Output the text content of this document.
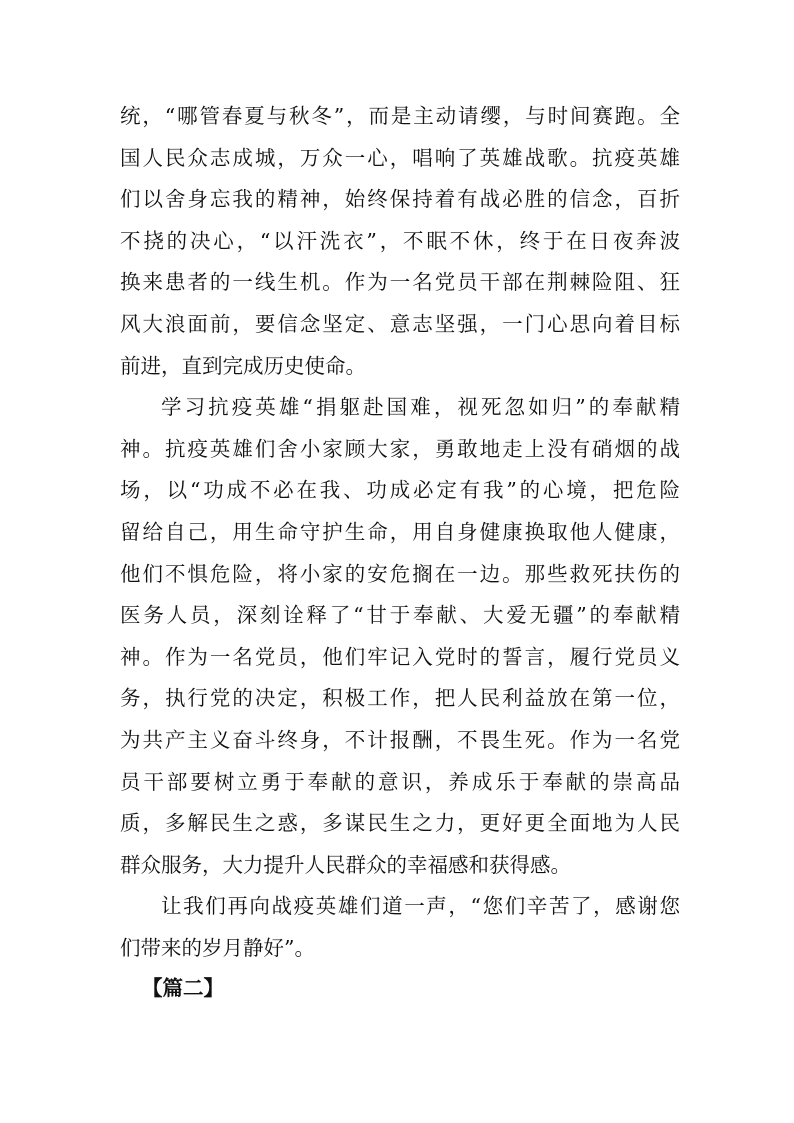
统，“哪管春夏与秋冬”，而是主动请缨，与时间赛跑。全
国人民众志成城，万众一心，唱响了英雄战歌。抗疫英雄
们以舍身忘我的精神，始终保持着有战必胜的信念，百折
不挠的决心，“以汗洗衣”，不眠不休，终于在日夜奔波
换来患者的一线生机。作为一名党员干部在荆棘险阻、狂
风大浪面前，要信念坚定、意志坚强，一门心思向着目标
前进，直到完成历史使命。
学习抗疫英雄“捐躯赴国难，视死忽如归”的奉献精
神。抗疫英雄们舍小家顾大家，勇敢地走上没有硝烟的战
场，以“功成不必在我、功成必定有我”的心境，把危险
留给自己，用生命守护生命，用自身健康换取他人健康，
他们不惧危险，将小家的安危搁在一边。那些救死扶伤的
医务人员，深刻诠释了“甘于奉献、大爱无疆”的奉献精
神。作为一名党员，他们牢记入党时的誓言，履行党员义
务，执行党的决定，积极工作，把人民利益放在第一位，
为共产主义奋斗终身，不计报酬，不畏生死。作为一名党
员干部要树立勇于奉献的意识，养成乐于奉献的崇高品
质，多解民生之惑，多谋民生之力，更好更全面地为人民
群众服务，大力提升人民群众的幸福感和获得感。
让我们再向战疫英雄们道一声，“您们辛苦了，感谢您
们带来的岁月静好”。
【篇二】
